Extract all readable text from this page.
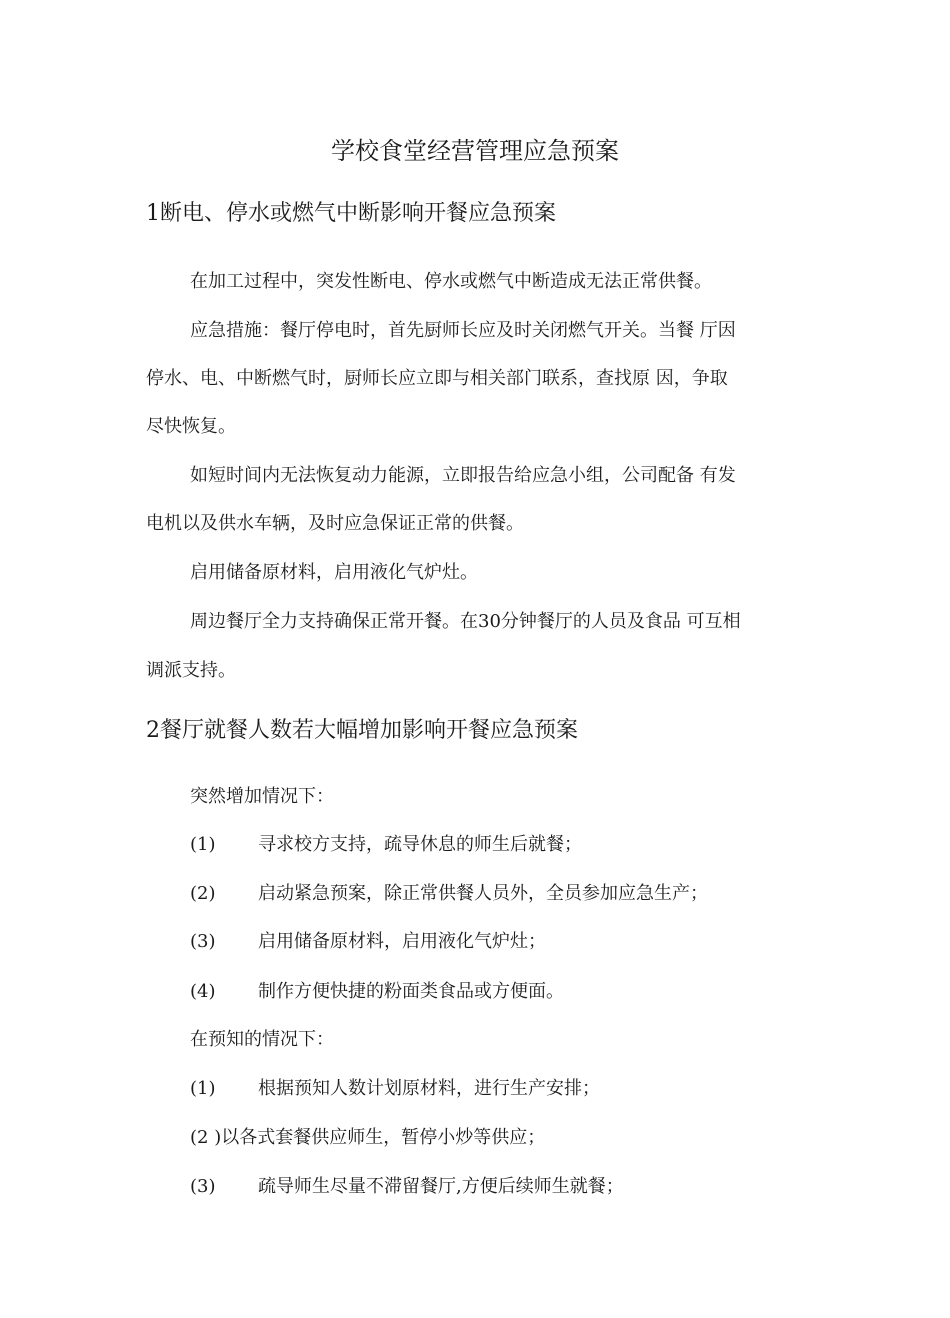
学校食堂经营管理应急预案
1断电、停水或燃气中断影响开餐应急预案
在加工过程中，突发性断电、停水或燃气中断造成无法正常供餐。
应急措施：餐厅停电时，首先厨师长应及时关闭燃气开关。当餐 厅因
停水、电、中断燃气时，厨师长应立即与相关部门联系，查找原 因，争取
尽快恢复。
如短时间内无法恢复动力能源，立即报告给应急小组，公司配备 有发
电机以及供水车辆，及时应急保证正常的供餐。
启用储备原材料，启用液化气炉灶。
周边餐厅全力支持确保正常开餐。在30分钟餐厅的人员及食品 可互相
调派支持。
2餐厅就餐人数若大幅增加影响开餐应急预案
突然增加情况下：
(1) 寻求校方支持，疏导休息的师生后就餐；
(2) 启动紧急预案，除正常供餐人员外，全员参加应急生产；
(3) 启用储备原材料，启用液化气炉灶；
(4) 制作方便快捷的粉面类食品或方便面。
在预知的情况下：
(1) 根据预知人数计划原材料，进行生产安排；
(2 )以各式套餐供应师生，暂停小炒等供应；
(3) 疏导师生尽量不滞留餐厅,方便后续师生就餐；
